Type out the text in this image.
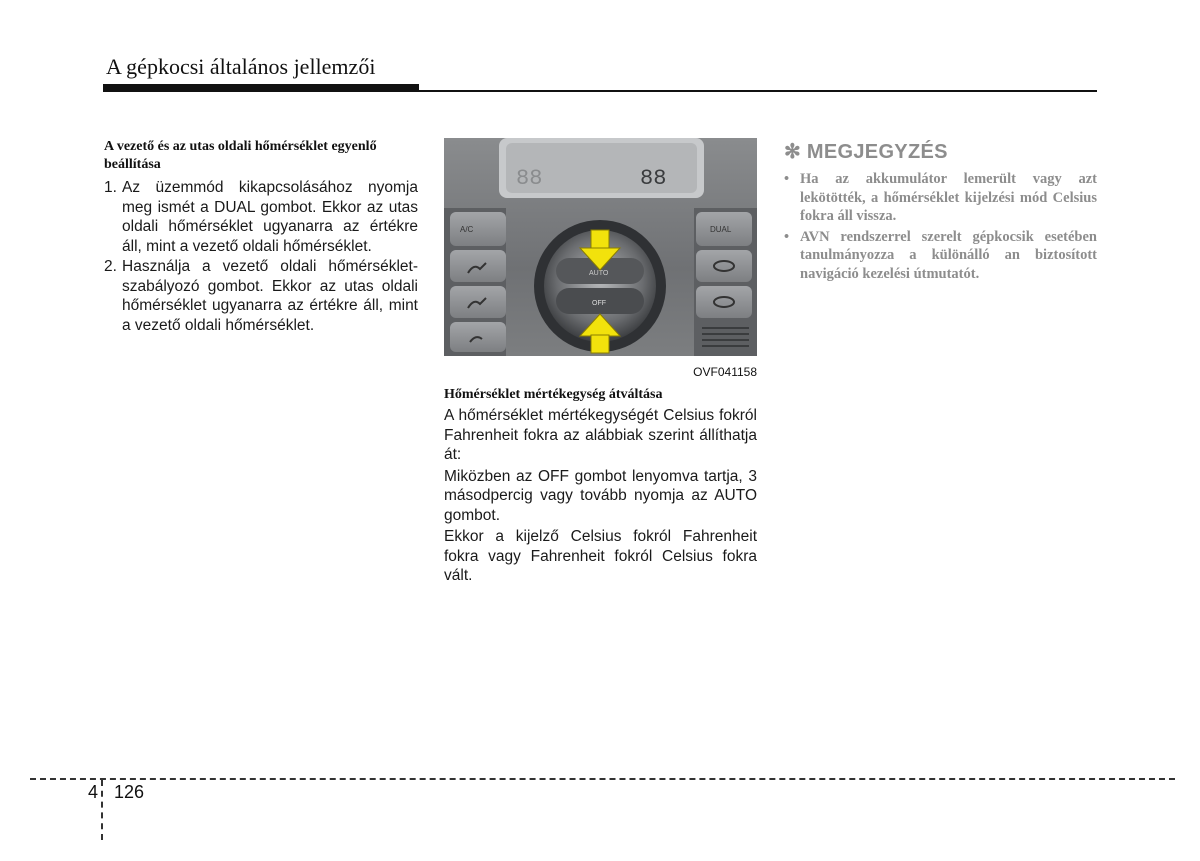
A gépkocsi általános jellemzői
A vezető és az utas oldali hőmérséklet egyenlő beállítása
1. Az üzemmód kikapcsolásához nyomja meg ismét a DUAL gombot. Ekkor az utas oldali hőmérséklet ugyanarra az értékre áll, mint a vezető oldali hőmérséklet.
2. Használja a vezető oldali hőmérséklet-szabályozó gombot. Ekkor az utas oldali hőmérséklet ugyanarra az értékre áll, mint a vezető oldali hőmérséklet.
88	88
A/C	DUAL
AUTO
OFF
OVF041158
Hőmérséklet mértékegység átváltása

A hőmérséklet mértékegységét Celsius fokról Fahrenheit fokra az alábbiak szerint állíthatja át:

Miközben az OFF gombot lenyomva tartja, 3 másodpercig vagy tovább nyomja az AUTO gombot.

Ekkor a kijelző Celsius fokról Fahrenheit fokra vagy Fahrenheit fokról Celsius fokra vált.

✻ MEGJEGYZÉS
• Ha az akkumulátor lemerült vagy azt lekötötték, a hőmérséklet kijelzési mód Celsius fokra áll vissza.
• AVN rendszerrel szerelt gépkocsik esetében tanulmányozza a különálló an biztosított navigáció kezelési útmutatót.
4 126
